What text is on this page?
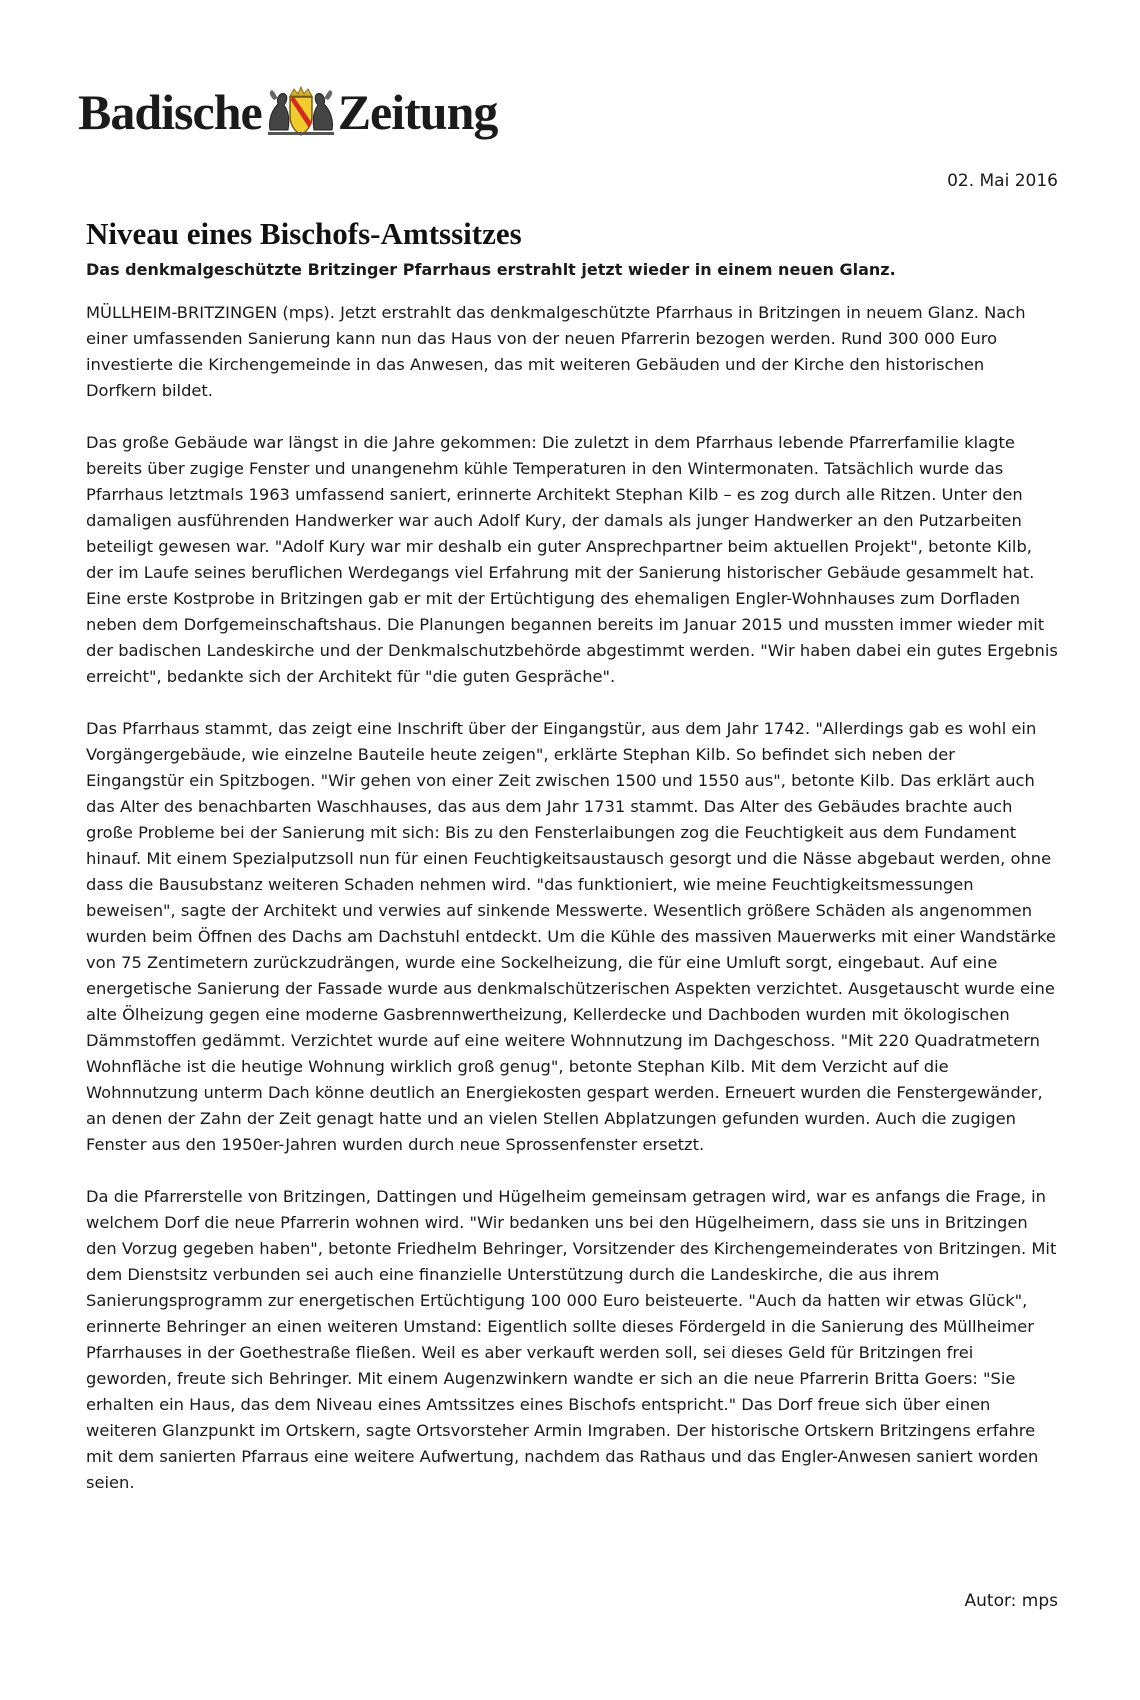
Badische Zeitung
02. Mai 2016
Niveau eines Bischofs-Amtssitzes
Das denkmalgeschützte Britzinger Pfarrhaus erstrahlt jetzt wieder in einem neuen Glanz.

MÜLLHEIM-BRITZINGEN (mps). Jetzt erstrahlt das denkmalgeschützte Pfarrhaus in Britzingen in neuem Glanz. Nach einer umfassenden Sanierung kann nun das Haus von der neuen Pfarrerin bezogen werden. Rund 300 000 Euro investierte die Kirchengemeinde in das Anwesen, das mit weiteren Gebäuden und der Kirche den historischen Dorfkern bildet.

Das große Gebäude war längst in die Jahre gekommen: Die zuletzt in dem Pfarrhaus lebende Pfarrerfamilie klagte bereits über zugige Fenster und unangenehm kühle Temperaturen in den Wintermonaten. Tatsächlich wurde das Pfarrhaus letztmals 1963 umfassend saniert, erinnerte Architekt Stephan Kilb – es zog durch alle Ritzen. Unter den damaligen ausführenden Handwerker war auch Adolf Kury, der damals als junger Handwerker an den Putzarbeiten beteiligt gewesen war. "Adolf Kury war mir deshalb ein guter Ansprechpartner beim aktuellen Projekt", betonte Kilb, der im Laufe seines beruflichen Werdegangs viel Erfahrung mit der Sanierung historischer Gebäude gesammelt hat. Eine erste Kostprobe in Britzingen gab er mit der Ertüchtigung des ehemaligen Engler-Wohnhauses zum Dorfladen neben dem Dorfgemeinschaftshaus. Die Planungen begannen bereits im Januar 2015 und mussten immer wieder mit der badischen Landeskirche und der Denkmalschutzbehörde abgestimmt werden. "Wir haben dabei ein gutes Ergebnis erreicht", bedankte sich der Architekt für "die guten Gespräche".

Das Pfarrhaus stammt, das zeigt eine Inschrift über der Eingangstür, aus dem Jahr 1742. "Allerdings gab es wohl ein Vorgängergebäude, wie einzelne Bauteile heute zeigen", erklärte Stephan Kilb. So befindet sich neben der Eingangstür ein Spitzbogen. "Wir gehen von einer Zeit zwischen 1500 und 1550 aus", betonte Kilb. Das erklärt auch das Alter des benachbarten Waschhauses, das aus dem Jahr 1731 stammt. Das Alter des Gebäudes brachte auch große Probleme bei der Sanierung mit sich: Bis zu den Fensterlaibungen zog die Feuchtigkeit aus dem Fundament hinauf. Mit einem Spezialputzsoll nun für einen Feuchtigkeitsaustausch gesorgt und die Nässe abgebaut werden, ohne dass die Bausubstanz weiteren Schaden nehmen wird. "das funktioniert, wie meine Feuchtigkeitsmessungen beweisen", sagte der Architekt und verwies auf sinkende Messwerte. Wesentlich größere Schäden als angenommen wurden beim Öffnen des Dachs am Dachstuhl entdeckt. Um die Kühle des massiven Mauerwerks mit einer Wandstärke von 75 Zentimetern zurückzudrängen, wurde eine Sockelheizung, die für eine Umluft sorgt, eingebaut. Auf eine energetische Sanierung der Fassade wurde aus denkmalschützerischen Aspekten verzichtet. Ausgetauscht wurde eine alte Ölheizung gegen eine moderne Gasbrennwertheizung, Kellerdecke und Dachboden wurden mit ökologischen Dämmstoffen gedämmt. Verzichtet wurde auf eine weitere Wohnnutzung im Dachgeschoss. "Mit 220 Quadratmetern Wohnfläche ist die heutige Wohnung wirklich groß genug", betonte Stephan Kilb. Mit dem Verzicht auf die Wohnnutzung unterm Dach könne deutlich an Energiekosten gespart werden. Erneuert wurden die Fenstergewänder, an denen der Zahn der Zeit genagt hatte und an vielen Stellen Abplatzungen gefunden wurden. Auch die zugigen Fenster aus den 1950er-Jahren wurden durch neue Sprossenfenster ersetzt.

Da die Pfarrerstelle von Britzingen, Dattingen und Hügelheim gemeinsam getragen wird, war es anfangs die Frage, in welchem Dorf die neue Pfarrerin wohnen wird. "Wir bedanken uns bei den Hügelheimern, dass sie uns in Britzingen den Vorzug gegeben haben", betonte Friedhelm Behringer, Vorsitzender des Kirchengemeinderates von Britzingen. Mit dem Dienstsitz verbunden sei auch eine finanzielle Unterstützung durch die Landeskirche, die aus ihrem Sanierungsprogramm zur energetischen Ertüchtigung 100 000 Euro beisteuerte. "Auch da hatten wir etwas Glück", erinnerte Behringer an einen weiteren Umstand: Eigentlich sollte dieses Fördergeld in die Sanierung des Müllheimer Pfarrhauses in der Goethestraße fließen. Weil es aber verkauft werden soll, sei dieses Geld für Britzingen frei geworden, freute sich Behringer. Mit einem Augenzwinkern wandte er sich an die neue Pfarrerin Britta Goers: "Sie erhalten ein Haus, das dem Niveau eines Amtssitzes eines Bischofs entspricht." Das Dorf freue sich über einen weiteren Glanzpunkt im Ortskern, sagte Ortsvorsteher Armin Imgraben. Der historische Ortskern Britzingens erfahre mit dem sanierten Pfarraus eine weitere Aufwertung, nachdem das Rathaus und das Engler-Anwesen saniert worden seien.

Autor: mps
